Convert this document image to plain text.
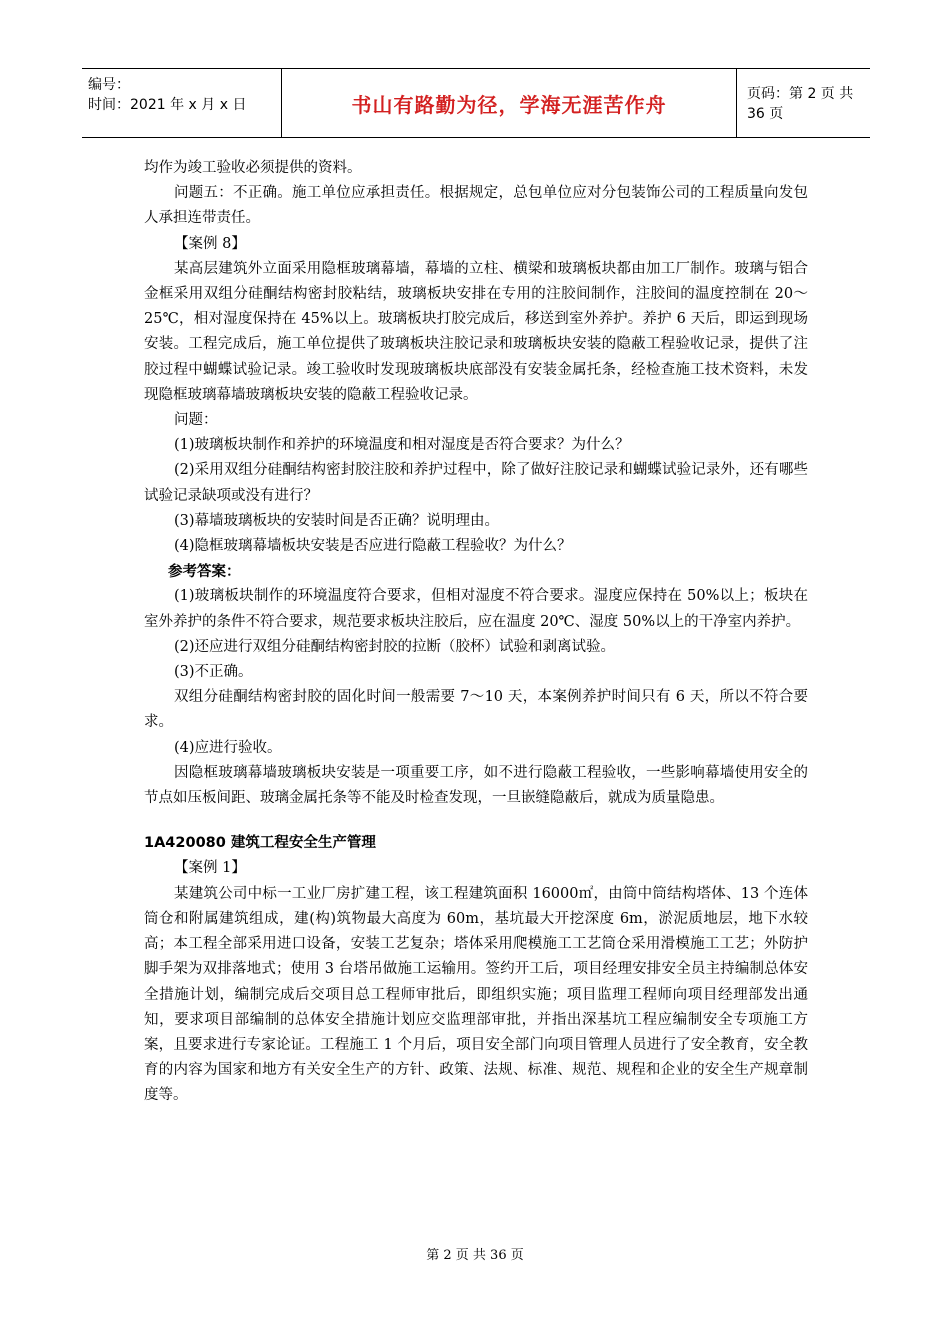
编号：
时间：2021 年 x 月 x 日	书山有路勤为径，学海无涯苦作舟	页码：第 2 页 共 36 页

均作为竣工验收必须提供的资料。

问题五：不正确。施工单位应承担责任。根据规定，总包单位应对分包装饰公司的工程质量向发包人承担连带责任。

【案例 8】

某高层建筑外立面采用隐框玻璃幕墙，幕墙的立柱、横梁和玻璃板块都由加工厂制作。玻璃与铝合金框采用双组分硅酮结构密封胶粘结，玻璃板块安排在专用的注胶间制作，注胶间的温度控制在 20～25℃，相对湿度保持在 45%以上。玻璃板块打胶完成后，移送到室外养护。养护 6 天后，即运到现场安装。工程完成后，施工单位提供了玻璃板块注胶记录和玻璃板块安装的隐蔽工程验收记录，提供了注胶过程中蝴蝶试验记录。竣工验收时发现玻璃板块底部没有安装金属托条，经检查施工技术资料，未发现隐框玻璃幕墙玻璃板块安装的隐蔽工程验收记录。

问题：

(1)玻璃板块制作和养护的环境温度和相对湿度是否符合要求？为什么？

(2)采用双组分硅酮结构密封胶注胶和养护过程中，除了做好注胶记录和蝴蝶试验记录外，还有哪些试验记录缺项或没有进行？

(3)幕墙玻璃板块的安装时间是否正确？说明理由。

(4)隐框玻璃幕墙板块安装是否应进行隐蔽工程验收？为什么？

参考答案：

(1)玻璃板块制作的环境温度符合要求，但相对湿度不符合要求。湿度应保持在 50%以上；板块在室外养护的条件不符合要求，规范要求板块注胶后，应在温度 20℃、湿度 50%以上的干净室内养护。

(2)还应进行双组分硅酮结构密封胶的拉断（胶杯）试验和剥离试验。

(3)不正确。

双组分硅酮结构密封胶的固化时间一般需要 7～10 天，本案例养护时间只有 6 天，所以不符合要求。

(4)应进行验收。

因隐框玻璃幕墙玻璃板块安装是一项重要工序，如不进行隐蔽工程验收，一些影响幕墙使用安全的节点如压板间距、玻璃金属托条等不能及时检查发现，一旦嵌缝隐蔽后，就成为质量隐患。

1A420080 建筑工程安全生产管理

【案例 1】

某建筑公司中标一工业厂房扩建工程，该工程建筑面积 16000㎡，由筒中筒结构塔体、13 个连体筒仓和附属建筑组成，建(构)筑物最大高度为 60m，基坑最大开挖深度 6m，淤泥质地层，地下水较高；本工程全部采用进口设备，安装工艺复杂；塔体采用爬模施工工艺筒仓采用滑模施工工艺；外防护脚手架为双排落地式；使用 3 台塔吊做施工运输用。签约开工后，项目经理安排安全员主持编制总体安全措施计划，编制完成后交项目总工程师审批后，即组织实施；项目监理工程师向项目经理部发出通知，要求项目部编制的总体安全措施计划应交监理部审批，并指出深基坑工程应编制安全专项施工方案，且要求进行专家论证。工程施工 1 个月后，项目安全部门向项目管理人员进行了安全教育，安全教育的内容为国家和地方有关安全生产的方针、政策、法规、标准、规范、规程和企业的安全生产规章制度等。

第 2 页 共 36 页
